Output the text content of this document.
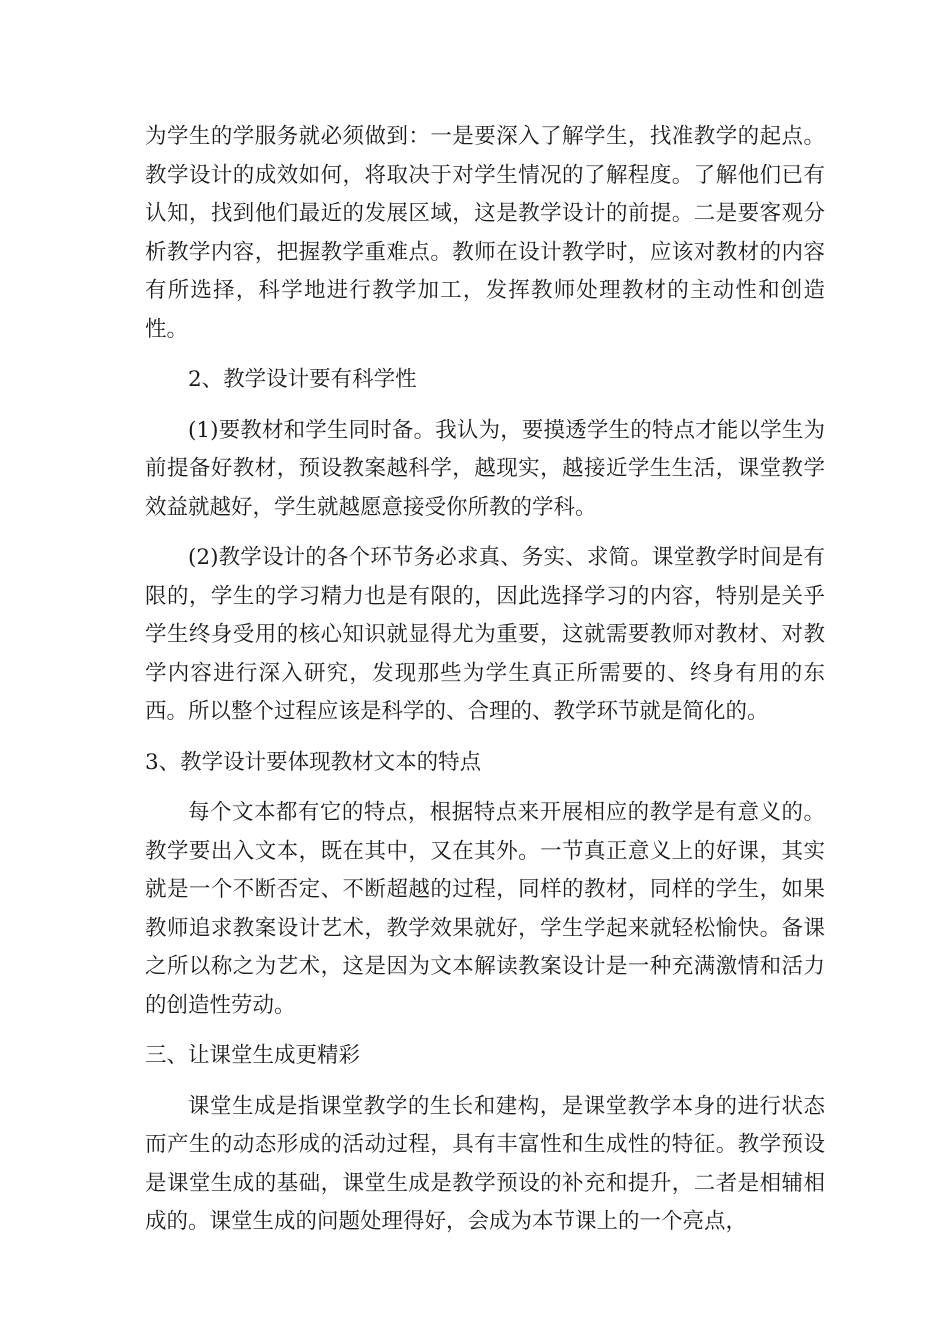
为学生的学服务就必须做到：一是要深入了解学生，找准教学的起点。教学设计的成效如何，将取决于对学生情况的了解程度。了解他们已有认知，找到他们最近的发展区域，这是教学设计的前提。二是要客观分析教学内容，把握教学重难点。教师在设计教学时，应该对教材的内容有所选择，科学地进行教学加工，发挥教师处理教材的主动性和创造性。

2、教学设计要有科学性

(1)要教材和学生同时备。我认为，要摸透学生的特点才能以学生为前提备好教材，预设教案越科学，越现实，越接近学生生活，课堂教学效益就越好，学生就越愿意接受你所教的学科。

(2)教学设计的各个环节务必求真、务实、求简。课堂教学时间是有限的，学生的学习精力也是有限的，因此选择学习的内容，特别是关乎学生终身受用的核心知识就显得尤为重要，这就需要教师对教材、对教学内容进行深入研究，发现那些为学生真正所需要的、终身有用的东西。所以整个过程应该是科学的、合理的、教学环节就是简化的。

3、教学设计要体现教材文本的特点

每个文本都有它的特点，根据特点来开展相应的教学是有意义的。教学要出入文本，既在其中，又在其外。一节真正意义上的好课，其实就是一个不断否定、不断超越的过程，同样的教材，同样的学生，如果教师追求教案设计艺术，教学效果就好，学生学起来就轻松愉快。备课之所以称之为艺术，这是因为文本解读教案设计是一种充满激情和活力的创造性劳动。

三、让课堂生成更精彩

课堂生成是指课堂教学的生长和建构，是课堂教学本身的进行状态而产生的动态形成的活动过程，具有丰富性和生成性的特征。教学预设是课堂生成的基础，课堂生成是教学预设的补充和提升，二者是相辅相成的。课堂生成的问题处理得好，会成为本节课上的一个亮点，
